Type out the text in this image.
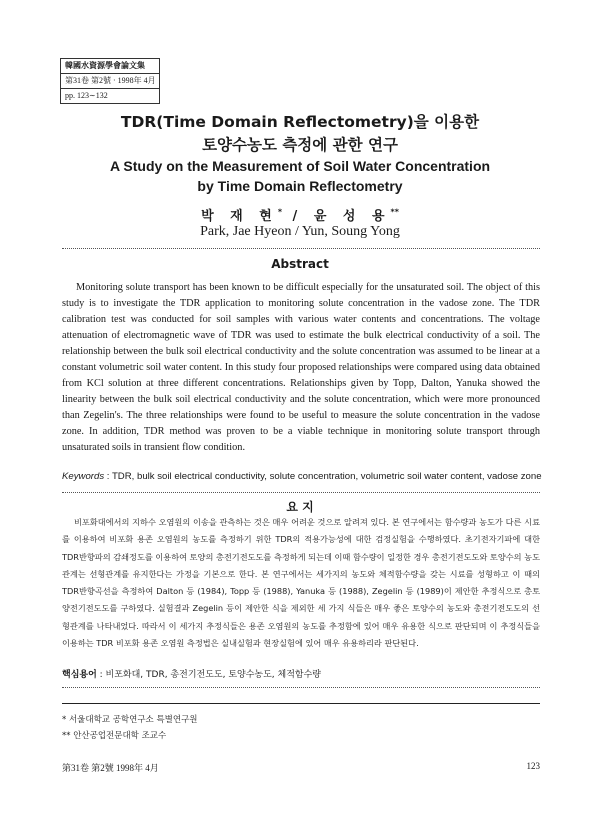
韓國水資源學會論文集
第31卷 第2號 · 1998年 4月
pp. 123∼132
TDR(Time Domain Reflectometry)을 이용한
토양수농도 측정에 관한 연구
A Study on the Measurement of Soil Water Concentration
by Time Domain Reflectometry
박 재 현* / 윤 성 용**
Park, Jae Hyeon / Yun, Soung Yong
Abstract

Monitoring solute transport has been known to be difficult especially for the unsaturated soil. The object of this study is to investigate the TDR application to monitoring solute concentration in the vadose zone. The TDR calibration test was conducted for soil samples with various water contents and concentrations. The voltage attenuation of electromagnetic wave of TDR was used to estimate the bulk electrical conductivity of a soil. The relationship between the bulk soil electrical conductivity and the solute concentration was assumed to be linear at a constant volumetric soil water content. In this study four proposed relationships were compared using data obtained from KCl solution at three different concentrations. Relationships given by Topp, Dalton, Yanuka showed the linearity between the bulk soil electrical conductivity and the solute concentration, which were more pronounced than Zegelin's. The three relationships were found to be useful to measure the solute concentration in the vadose zone. In addition, TDR method was proven to be a viable technique in monitoring solute transport through unsaturated soils in transient flow condition.

Keywords : TDR, bulk soil electrical conductivity, solute concentration, volumetric soil water content, vadose zone
요 지

비포화대에서의 지하수 오염원의 이송을 관측하는 것은 매우 어려운 것으로 알려져 있다. 본 연구에서는 함수량과 농도가 다른 시료를 이용하여 비포화 용존 오염원의 농도를 측정하기 위한 TDR의 적용가능성에 대한 검정실험을 수행하였다. 초기전자기파에 대한 TDR반향파의 감쇄정도를 이용하여 토양의 총전기전도도를 측정하게 되는데 이때 함수량이 일정한 경우 총전기전도도와 토양수의 농도관계는 선형관계를 유지한다는 가정을 기본으로 한다. 본 연구에서는 세가지의 농도와 체적함수량을 갖는 시료를 성형하고 이 때의 TDR반향곡선을 측정하여 Dalton 등 (1984), Topp 등 (1988), Yanuka 등 (1988), Zegelin 등 (1989)이 제안한 추정식으로 총토양전기전도도를 구하였다. 실험결과 Zegelin 등이 제안한 식을 제외한 세 가지 식들은 매우 좋은 토양수의 농도와 총전기전도도의 선형관계를 나타내었다. 따라서 이 세가지 추정식들은 용존 오염원의 농도를 추정함에 있어 매우 유용한 식으로 판단되며 이 추정식들을 이용하는 TDR 비포화 용존 오염원 측정법은 실내실험과 현장실험에 있어 매우 유용하리라 판단된다.

핵심용어 : 비포화대, TDR, 총전기전도도, 토양수농도, 체적함수량
* 서울대학교 공학연구소 특별연구원
** 안산공업전문대학 조교수
第31卷 第2號 1998年 4月	123
